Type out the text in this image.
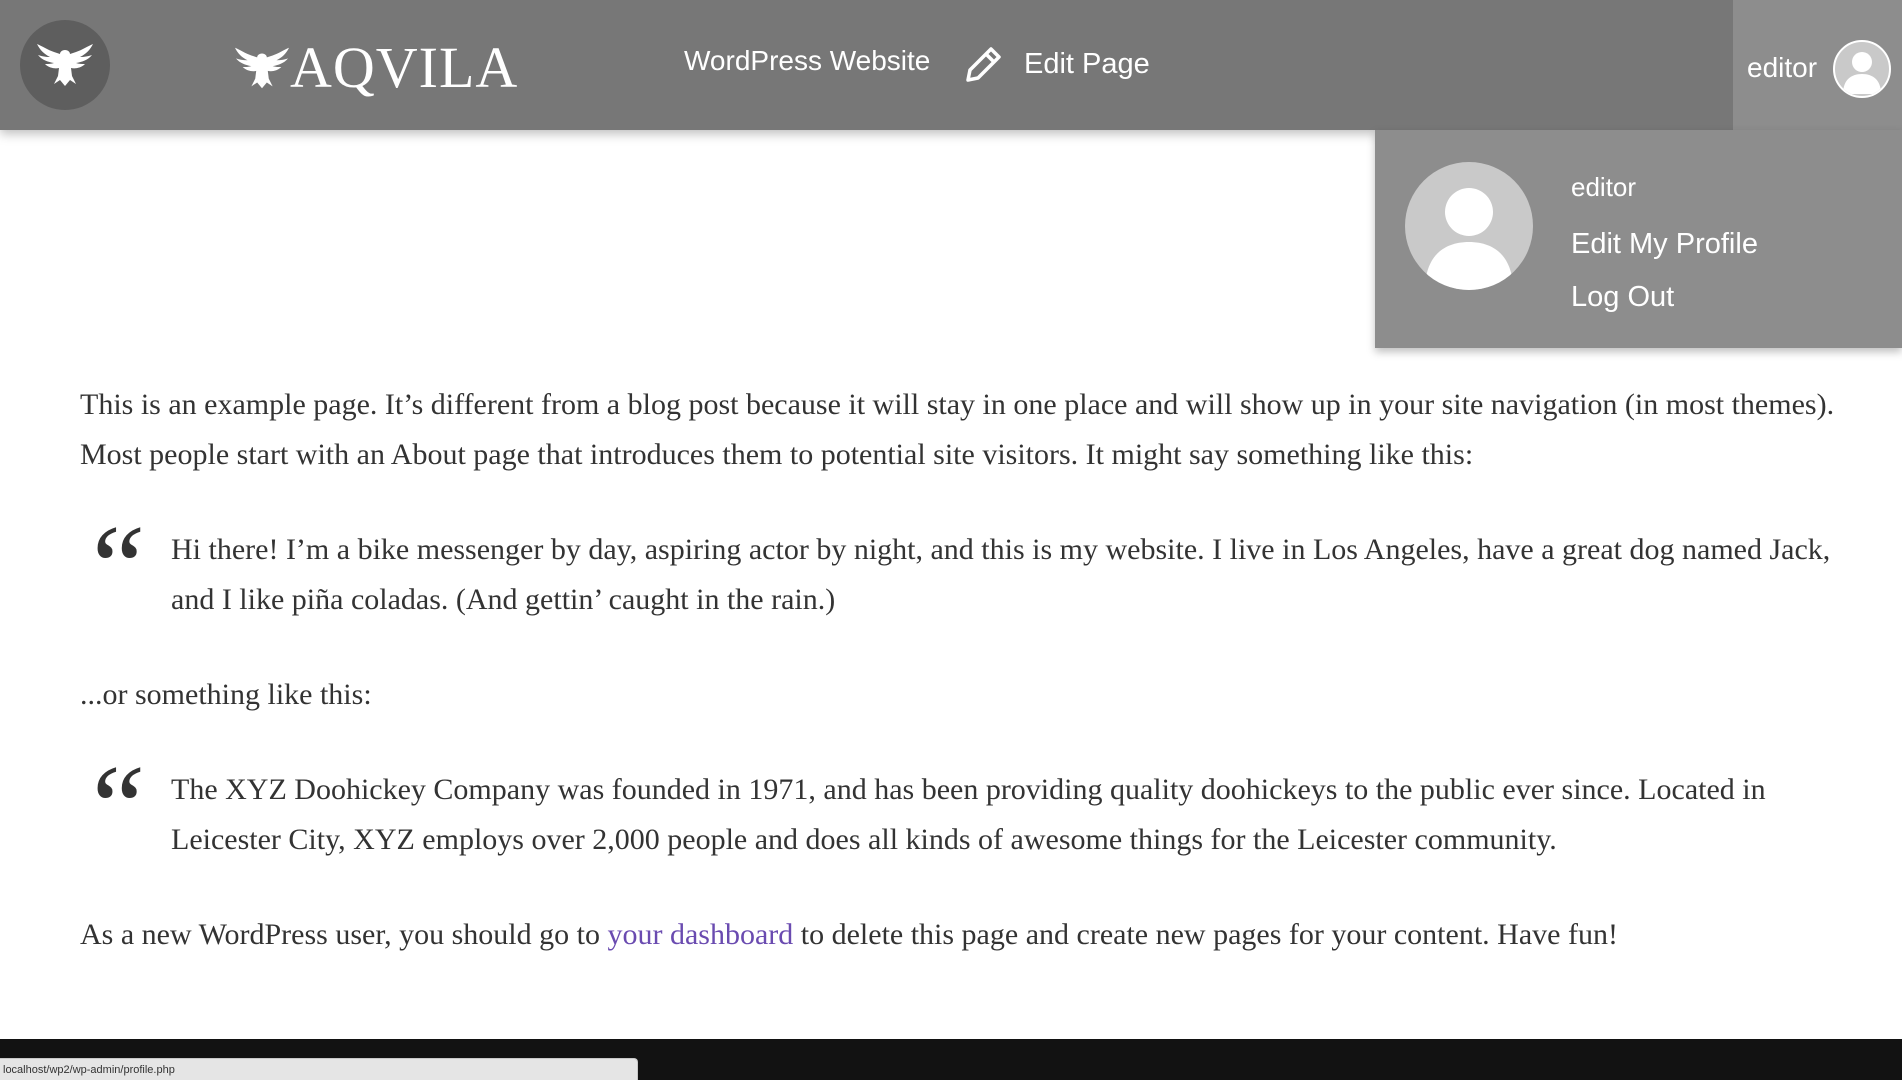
AQVILA	WordPress Website	Edit Page	editor
editor
Edit My Profile
Log Out

This is an example page. It’s different from a blog post because it will stay in one place and will show up in your site navigation (in most themes). Most people start with an About page that introduces them to potential site visitors. It might say something like this:

“ Hi there! I’m a bike messenger by day, aspiring actor by night, and this is my website. I live in Los Angeles, have a great dog named Jack, and I like piña coladas. (And gettin’ caught in the rain.)

...or something like this:

“ The XYZ Doohickey Company was founded in 1971, and has been providing quality doohickeys to the public ever since. Located in Leicester City, XYZ employs over 2,000 people and does all kinds of awesome things for the Leicester community.

As a new WordPress user, you should go to your dashboard to delete this page and create new pages for your content. Have fun!

localhost/wp2/wp-admin/profile.php
